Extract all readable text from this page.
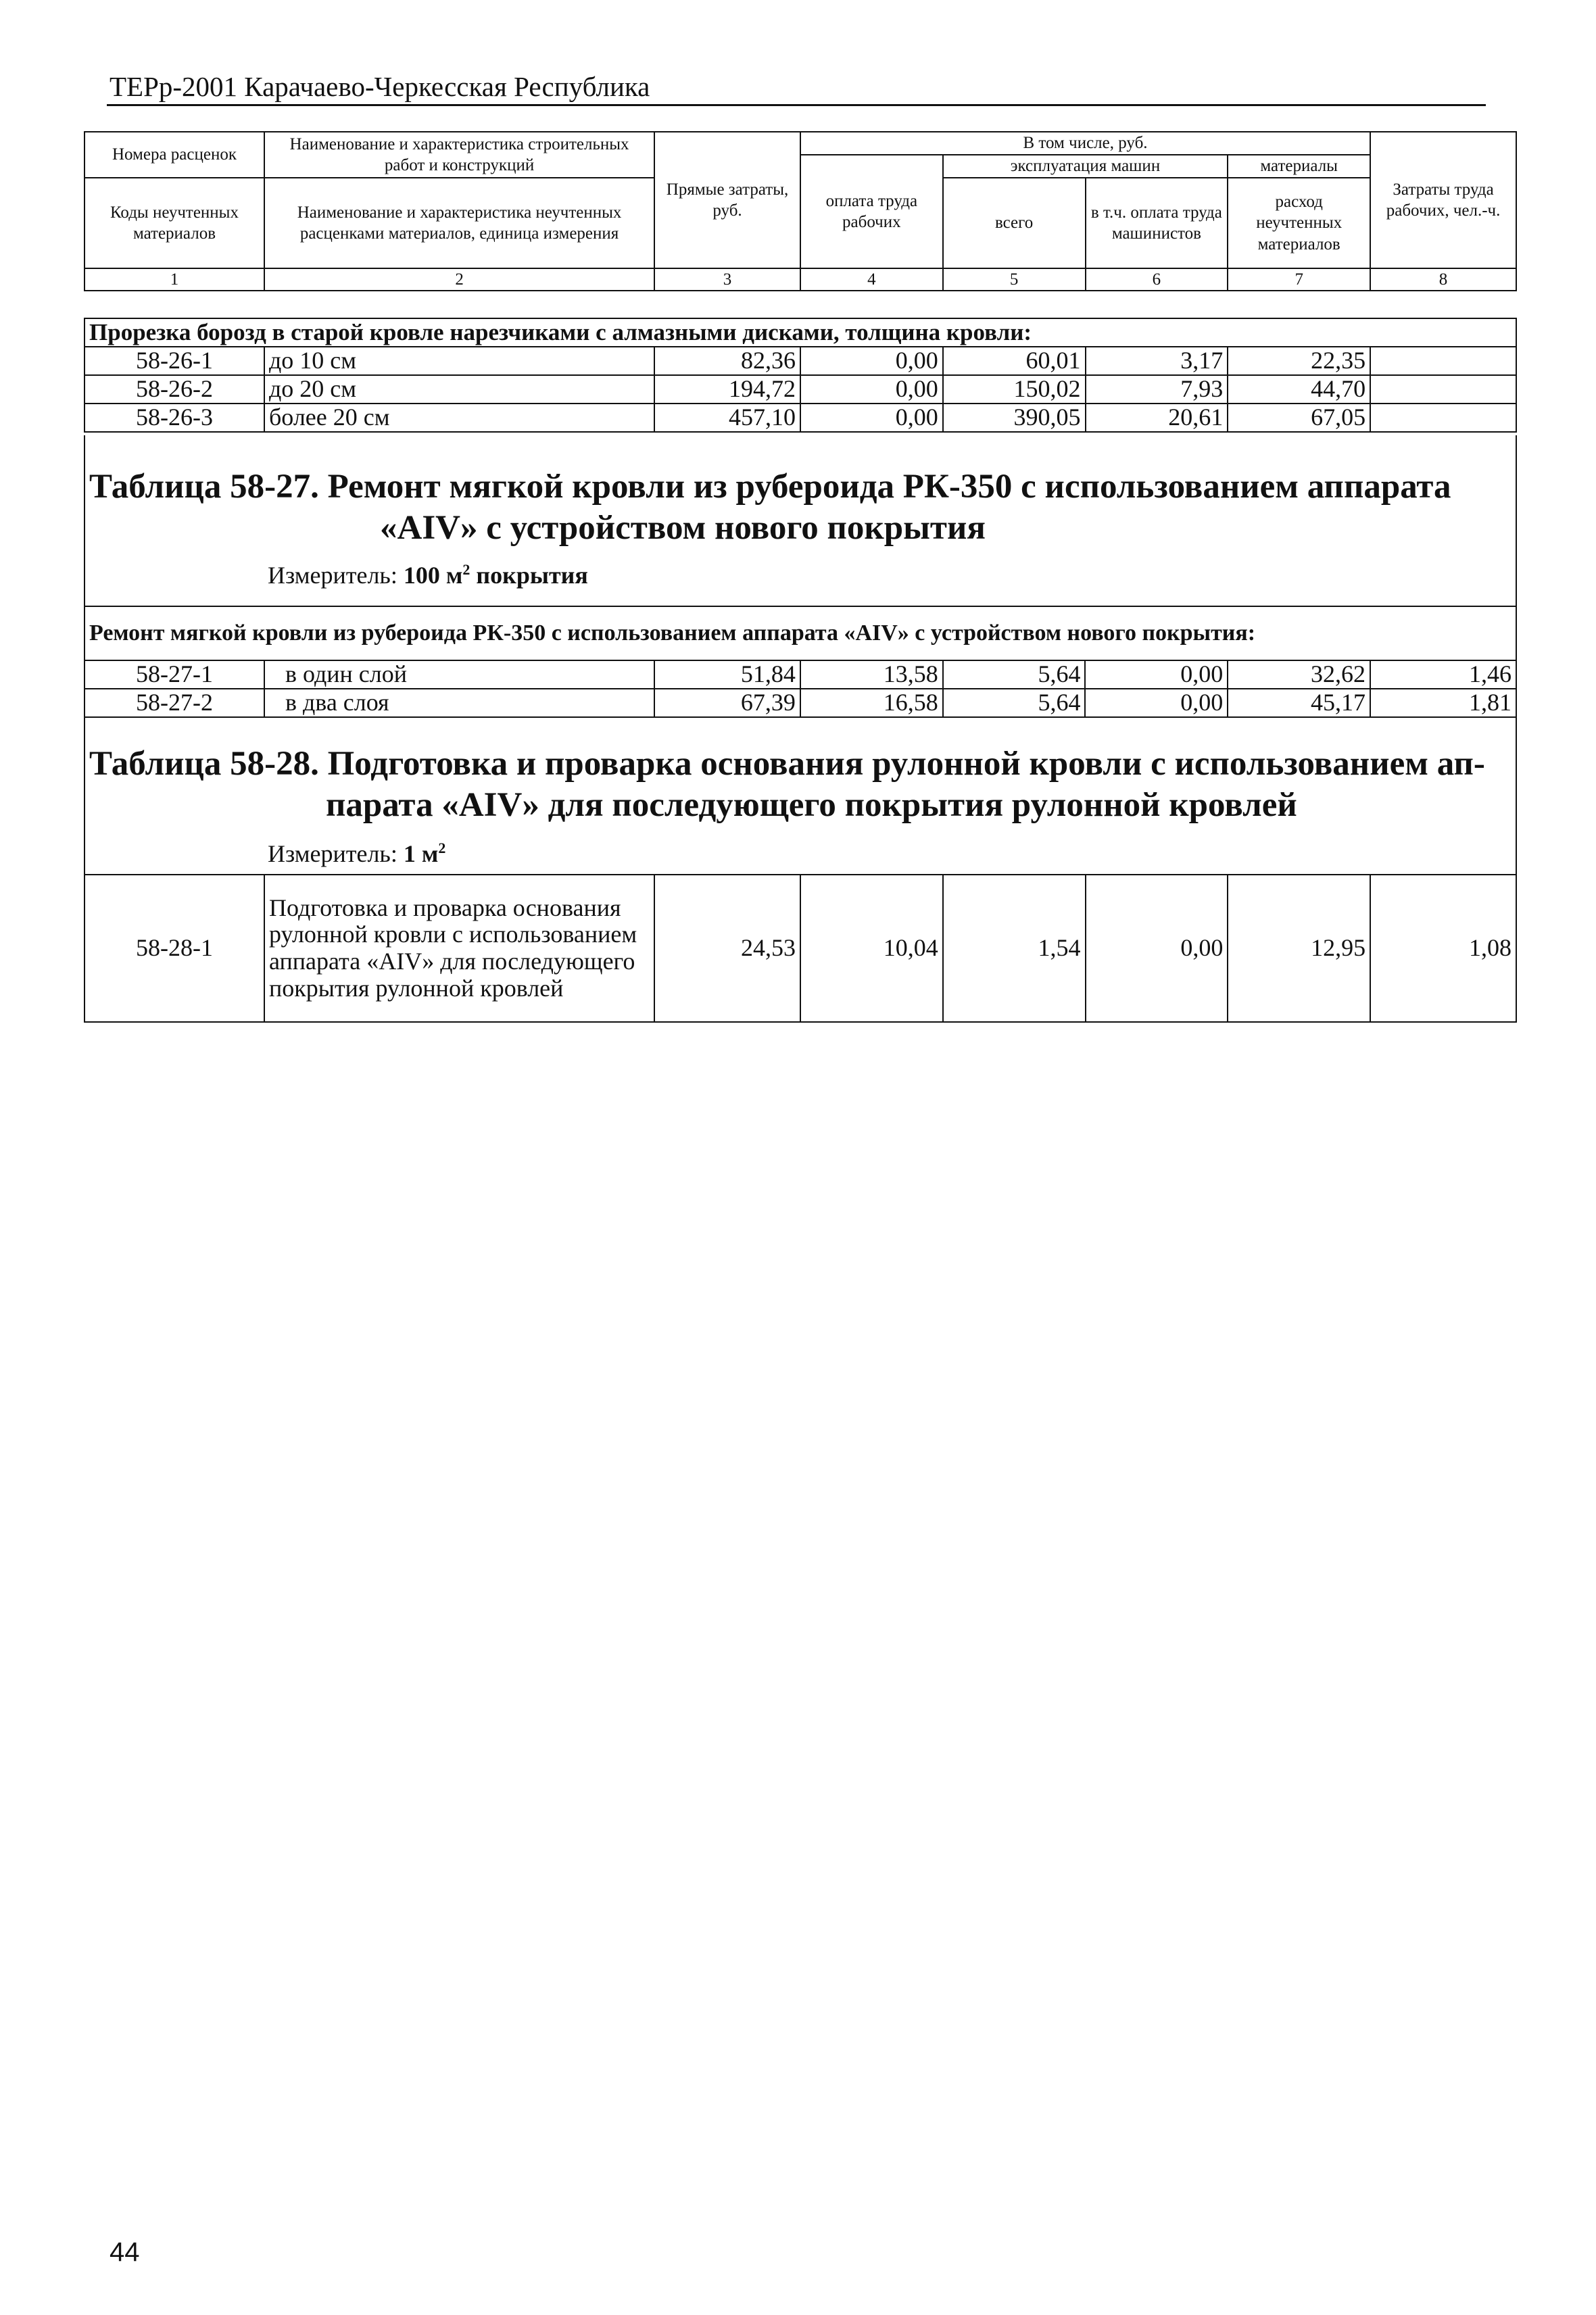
ТЕРр-2001 Карачаево-Черкесская Республика
Номера расценок	Наименование и характеристика строительных работ и конструкций	Прямые затраты, руб.	В том числе, руб.				Затраты труда рабочих, чел.-ч.
			оплата труда рабочих	эксплуатация машин		материалы	
Коды неучтенных материалов	Наименование и характеристика неучтенных расценками материалов, единица измерения			всего	в т.ч. оплата труда машинистов	расход неучтенных материалов	
1	2	3	4	5	6	7	8
Прорезка борозд в старой кровле нарезчиками с алмазными дисками, толщина кровли:							
58-26-1	до 10 см	82,36	0,00	60,01	3,17	22,35	
58-26-2	до 20 см	194,72	0,00	150,02	7,93	44,70	
58-26-3	более 20 см	457,10	0,00	390,05	20,61	67,05	
Таблица 58-27. Ремонт мягкой кровли из рубероида РК-350 с использованием аппарата
«AIV» с устройством нового покрытия
Измеритель: 100 $м^2$ покрытия
Ремонт мягкой кровли из рубероида РК-350 с использованием аппарата «AIV» с устройством нового покрытия:							
58-27-1	в один слой	51,84	13,58	5,64	0,00	32,62	1,46
58-27-2	в два слоя	67,39	16,58	5,64	0,00	45,17	1,81
Таблица 58-28. Подготовка и проварка основания рулонной кровли с использованием ап-
парата «AIV» для последующего покрытия рулонной кровлей
Измеритель: 1 $м^2$
58-28-1	Подготовка и проварка основания рулонной кровли с использованием аппарата «AIV» для последующего покрытия рулонной кровлей	24,53	10,04	1,54	0,00	12,95	1,08
44
